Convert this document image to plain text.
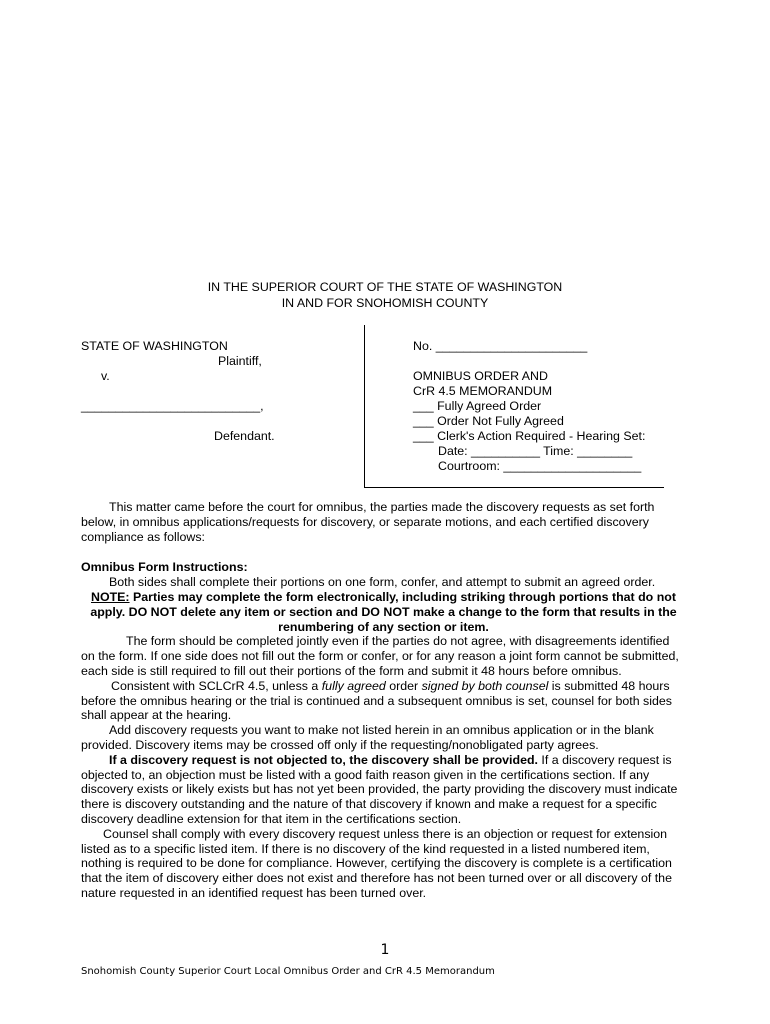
IN THE SUPERIOR COURT OF THE STATE OF WASHINGTON
IN AND FOR SNOHOMISH COUNTY
STATE OF WASHINGTON
Plaintiff,
v.
__________________________,
Defendant.
No. ______________________
OMNIBUS ORDER AND
CrR 4.5 MEMORANDUM
___ Fully Agreed Order
___ Order Not Fully Agreed
___ Clerk's Action Required - Hearing Set:
Date: __________ Time: ________
Courtroom: ____________________

This matter came before the court for omnibus, the parties made the discovery requests as set forth below, in omnibus applications/requests for discovery, or separate motions, and each certified discovery compliance as follows:

Omnibus Form Instructions:

Both sides shall complete their portions on one form, confer, and attempt to submit an agreed order.

NOTE: Parties may complete the form electronically, including striking through portions that do not apply. DO NOT delete any item or section and DO NOT make a change to the form that results in the renumbering of any section or item.

The form should be completed jointly even if the parties do not agree, with disagreements identified on the form. If one side does not fill out the form or confer, or for any reason a joint form cannot be submitted, each side is still required to fill out their portions of the form and submit it 48 hours before omnibus.

Consistent with SCLCrR 4.5, unless a fully agreed order signed by both counsel is submitted 48 hours before the omnibus hearing or the trial is continued and a subsequent omnibus is set, counsel for both sides shall appear at the hearing.

Add discovery requests you want to make not listed herein in an omnibus application or in the blank provided. Discovery items may be crossed off only if the requesting/nonobligated party agrees.

If a discovery request is not objected to, the discovery shall be provided. If a discovery request is objected to, an objection must be listed with a good faith reason given in the certifications section. If any discovery exists or likely exists but has not yet been provided, the party providing the discovery must indicate there is discovery outstanding and the nature of that discovery if known and make a request for a specific discovery deadline extension for that item in the certifications section.

Counsel shall comply with every discovery request unless there is an objection or request for extension listed as to a specific listed item. If there is no discovery of the kind requested in a listed numbered item, nothing is required to be done for compliance. However, certifying the discovery is complete is a certification that the item of discovery either does not exist and therefore has not been turned over or all discovery of the nature requested in an identified request has been turned over.

1
Snohomish County Superior Court Local Omnibus Order and CrR 4.5 Memorandum
